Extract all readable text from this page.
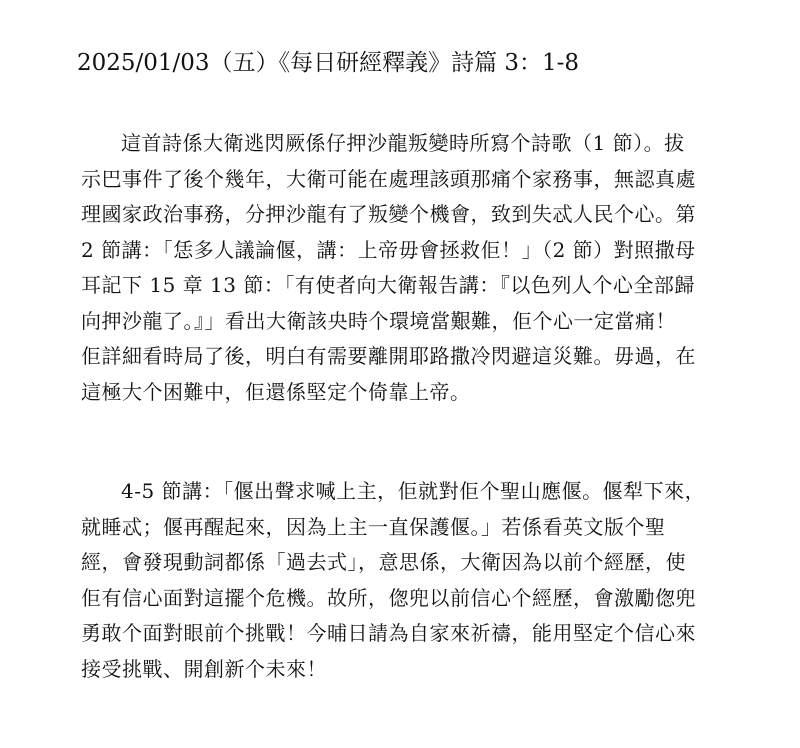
2025/01/03（五）《每日研經釋義》詩篇 3：1-8
這首詩係大衛逃閃厥係仔押沙龍叛變時所寫个詩歌（1 節）。拔
示巴事件了後个幾年，大衛可能在處理該頭那痛个家務事，無認真處
理國家政治事務，分押沙龍有了叛變个機會，致到失忒人民个心。第
2 節講：「恁多人議論偃，講：上帝毋會拯救佢！」（2 節）對照撒母
耳記下 15 章 13 節：「有使者向大衛報告講：『以色列人个心全部歸
向押沙龍了。』」看出大衛該央時个環境當艱難，佢个心一定當痛！
佢詳細看時局了後，明白有需要離開耶路撒冷閃避這災難。毋過，在
這極大个困難中，佢還係堅定个倚靠上帝。
4-5 節講：「偃出聲求喊上主，佢就對佢个聖山應偃。偃犁下來，
就睡忒；偃再醒起來，因為上主一直保護偃。」若係看英文版个聖
經，會發現動詞都係「過去式」，意思係，大衛因為以前个經歷，使
佢有信心面對這擺个危機。故所，偬兜以前信心个經歷，會激勵偬兜
勇敢个面對眼前个挑戰！今晡日請為自家來祈禱，能用堅定个信心來
接受挑戰、開創新个未來！
